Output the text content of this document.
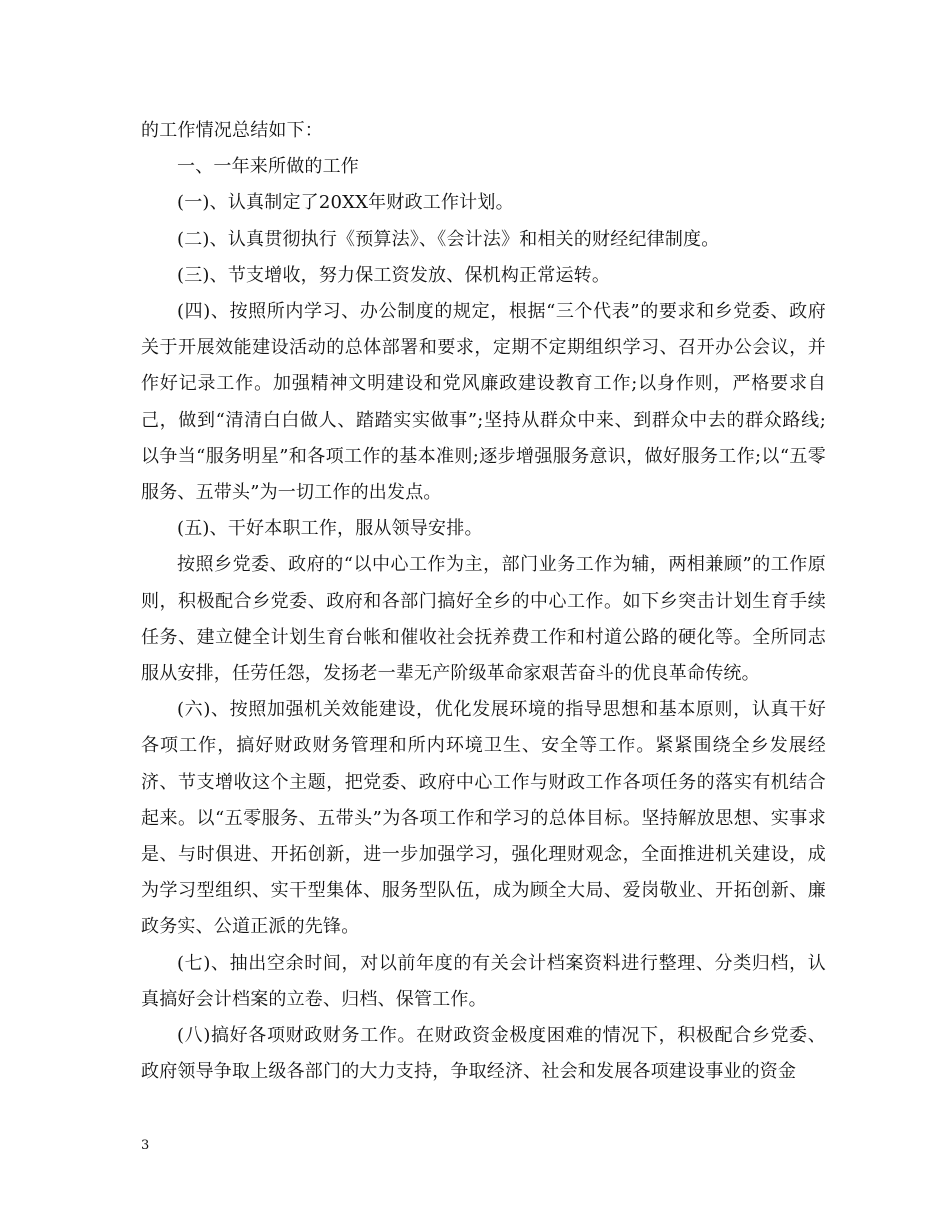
的工作情况总结如下：

一、一年来所做的工作

(一)、认真制定了20XX年财政工作计划。

(二)、认真贯彻执行《预算法》、《会计法》和相关的财经纪律制度。

(三)、节支增收，努力保工资发放、保机构正常运转。

(四)、按照所内学习、办公制度的规定，根据“三个代表”的要求和乡党委、政府关于开展效能建设活动的总体部署和要求，定期不定期组织学习、召开办公会议，并作好记录工作。加强精神文明建设和党风廉政建设教育工作;以身作则，严格要求自己，做到“清清白白做人、踏踏实实做事”;坚持从群众中来、到群众中去的群众路线;以争当“服务明星”和各项工作的基本准则;逐步增强服务意识，做好服务工作;以“五零服务、五带头”为一切工作的出发点。

(五)、干好本职工作，服从领导安排。

按照乡党委、政府的“以中心工作为主，部门业务工作为辅，两相兼顾”的工作原则，积极配合乡党委、政府和各部门搞好全乡的中心工作。如下乡突击计划生育手续任务、建立健全计划生育台帐和催收社会抚养费工作和村道公路的硬化等。全所同志服从安排，任劳任怨，发扬老一辈无产阶级革命家艰苦奋斗的优良革命传统。

(六)、按照加强机关效能建设，优化发展环境的指导思想和基本原则，认真干好各项工作，搞好财政财务管理和所内环境卫生、安全等工作。紧紧围绕全乡发展经济、节支增收这个主题，把党委、政府中心工作与财政工作各项任务的落实有机结合起来。以“五零服务、五带头”为各项工作和学习的总体目标。坚持解放思想、实事求是、与时俱进、开拓创新，进一步加强学习，强化理财观念，全面推进机关建设，成为学习型组织、实干型集体、服务型队伍，成为顾全大局、爱岗敬业、开拓创新、廉政务实、公道正派的先锋。

(七)、抽出空余时间，对以前年度的有关会计档案资料进行整理、分类归档，认真搞好会计档案的立卷、归档、保管工作。

(八)搞好各项财政财务工作。在财政资金极度困难的情况下，积极配合乡党委、政府领导争取上级各部门的大力支持，争取经济、社会和发展各项建设事业的资金

3
